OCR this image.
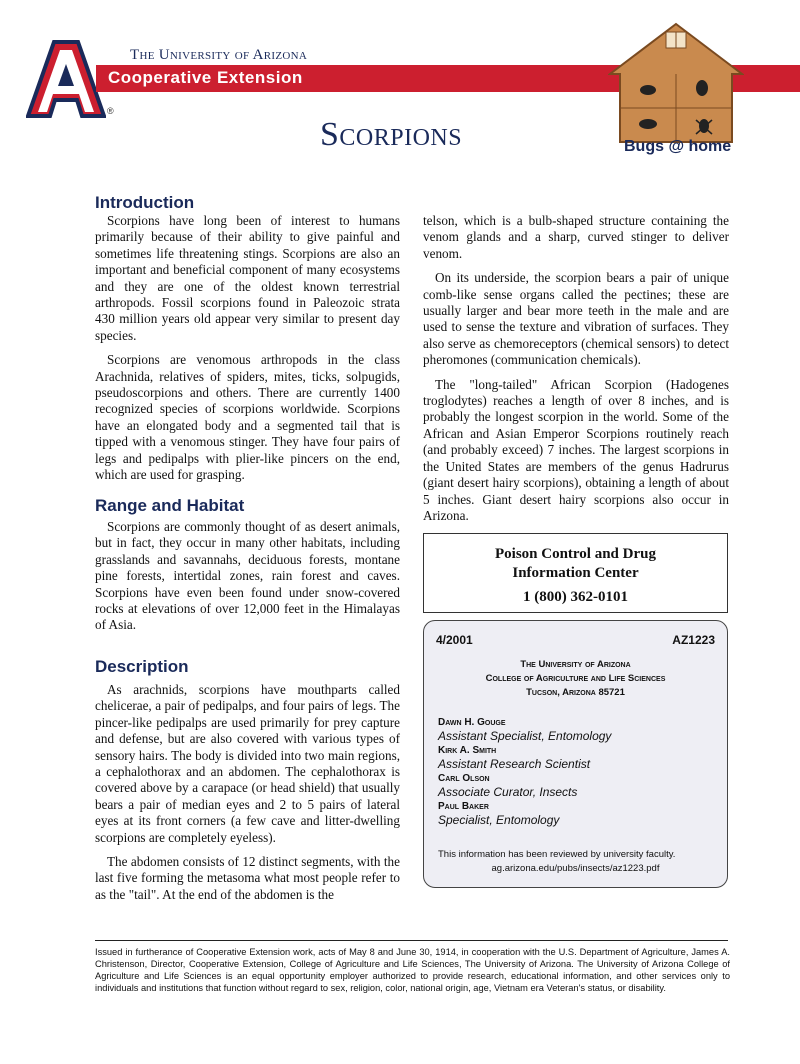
®
The University of Arizona
Cooperative Extension
Scorpions	Bugs @ home
Introduction

Scorpions have long been of interest to humans primarily because of their ability to give painful and sometimes life threatening stings. Scorpions are also an important and beneficial component of many ecosystems and they are one of the oldest known terrestrial arthropods. Fossil scorpions found in Paleozoic strata 430 million years old appear very similar to present day species.

Scorpions are venomous arthropods in the class Arachnida, relatives of spiders, mites, ticks, solpugids, pseudoscorpions and others. There are currently 1400 recognized species of scorpions worldwide. Scorpions have an elongated body and a segmented tail that is tipped with a venomous stinger. They have four pairs of legs and pedipalps with plier-like pincers on the end, which are used for grasping.

Range and Habitat

Scorpions are commonly thought of as desert animals, but in fact, they occur in many other habitats, including grasslands and savannahs, deciduous forests, montane pine forests, intertidal zones, rain forest and caves. Scorpions have even been found under snow-covered rocks at elevations of over 12,000 feet in the Himalayas of Asia.

Description

As arachnids, scorpions have mouthparts called chelicerae, a pair of pedipalps, and four pairs of legs. The pincer-like pedipalps are used primarily for prey capture and defense, but are also covered with various types of sensory hairs. The body is divided into two main regions, a cephalothorax and an abdomen. The cephalothorax is covered above by a carapace (or head shield) that usually bears a pair of median eyes and 2 to 5 pairs of lateral eyes at its front corners (a few cave and litter-dwelling scorpions are completely eyeless).

The abdomen consists of 12 distinct segments, with the last five forming the metasoma what most people refer to as the "tail". At the end of the abdomen is the

telson, which is a bulb-shaped structure containing the venom glands and a sharp, curved stinger to deliver venom.

On its underside, the scorpion bears a pair of unique comb-like sense organs called the pectines; these are usually larger and bear more teeth in the male and are used to sense the texture and vibration of surfaces. They also serve as chemoreceptors (chemical sensors) to detect pheromones (communication chemicals).

The "long-tailed" African Scorpion (Hadogenes troglodytes) reaches a length of over 8 inches, and is probably the longest scorpion in the world. Some of the African and Asian Emperor Scorpions routinely reach (and probably exceed) 7 inches. The largest scorpions in the United States are members of the genus Hadrurus (giant desert hairy scorpions), obtaining a length of about 5 inches. Giant desert hairy scorpions also occur in Arizona.

Poison Control and Drug
Information Center
1 (800) 362-0101
4/2001	AZ1223
The University of Arizona
College of Agriculture and Life Sciences
Tucson, Arizona 85721
Dawn H. Gouge
Assistant Specialist, Entomology
Kirk A. Smith
Assistant Research Scientist
Carl Olson
Associate Curator, Insects
Paul Baker
Specialist, Entomology
This information has been reviewed by university faculty.
ag.arizona.edu/pubs/insects/az1223.pdf
Issued in furtherance of Cooperative Extension work, acts of May 8 and June 30, 1914, in cooperation with the U.S. Department of Agriculture, James A. Christenson, Director, Cooperative Extension, College of Agriculture and Life Sciences, The University of Arizona. The University of Arizona College of Agriculture and Life Sciences is an equal opportunity employer authorized to provide research, educational information, and other services only to individuals and institutions that function without regard to sex, religion, color, national origin, age, Vietnam era Veteran's status, or disability.
